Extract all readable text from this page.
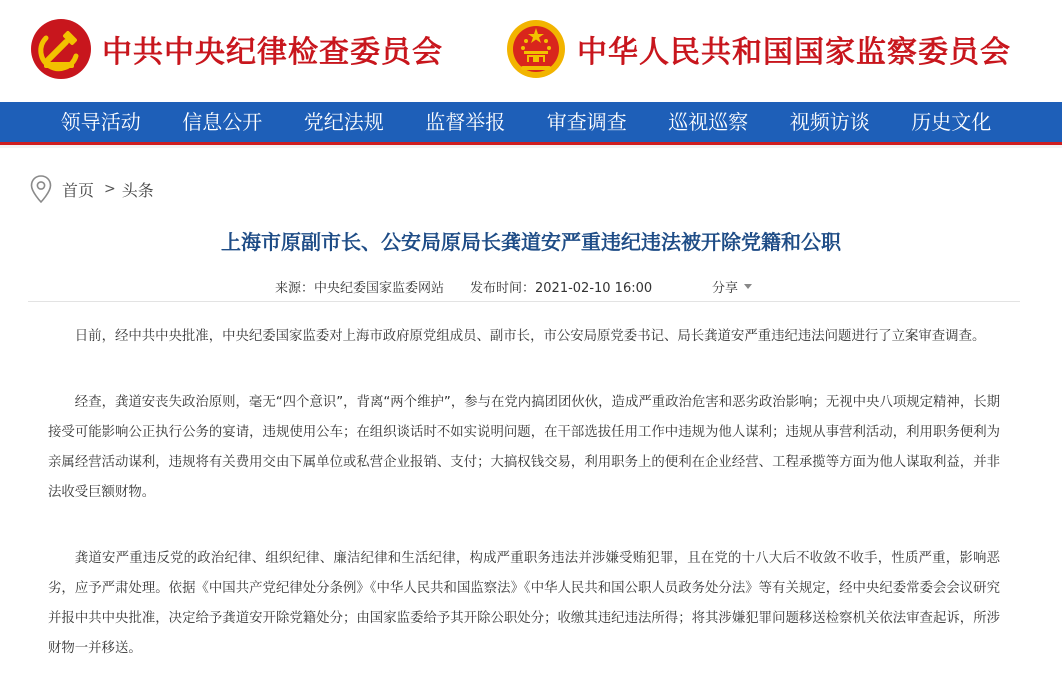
中共中央纪律检查委员会	中华人民共和国国家监察委员会
领导活动	信息公开	党纪法规	监督举报	审查调查	巡视巡察	视频访谈	历史文化
首页 > 头条
上海市原副市长、公安局原局长龚道安严重违纪违法被开除党籍和公职
来源：中央纪委国家监委网站 发布时间：2021-02-10 16:00	分享

日前，经中共中央批准，中央纪委国家监委对上海市政府原党组成员、副市长，市公安局原党委书记、局长龚道安严重违纪违法问题进行了立案审查调查。

经查，龚道安丧失政治原则，毫无“四个意识”，背离“两个维护”，参与在党内搞团团伙伙，造成严重政治危害和恶劣政治影响；无视中央八项规定精神，长期接受可能影响公正执行公务的宴请，违规使用公车；在组织谈话时不如实说明问题，在干部选拔任用工作中违规为他人谋利；违规从事营利活动，利用职务便利为亲属经营活动谋利，违规将有关费用交由下属单位或私营企业报销、支付；大搞权钱交易，利用职务上的便利在企业经营、工程承揽等方面为他人谋取利益，并非法收受巨额财物。

龚道安严重违反党的政治纪律、组织纪律、廉洁纪律和生活纪律，构成严重职务违法并涉嫌受贿犯罪，且在党的十八大后不收敛不收手，性质严重，影响恶劣，应予严肃处理。依据《中国共产党纪律处分条例》《中华人民共和国监察法》《中华人民共和国公职人员政务处分法》等有关规定，经中央纪委常委会会议研究并报中共中央批准，决定给予龚道安开除党籍处分；由国家监委给予其开除公职处分；收缴其违纪违法所得；将其涉嫌犯罪问题移送检察机关依法审查起诉，所涉财物一并移送。
